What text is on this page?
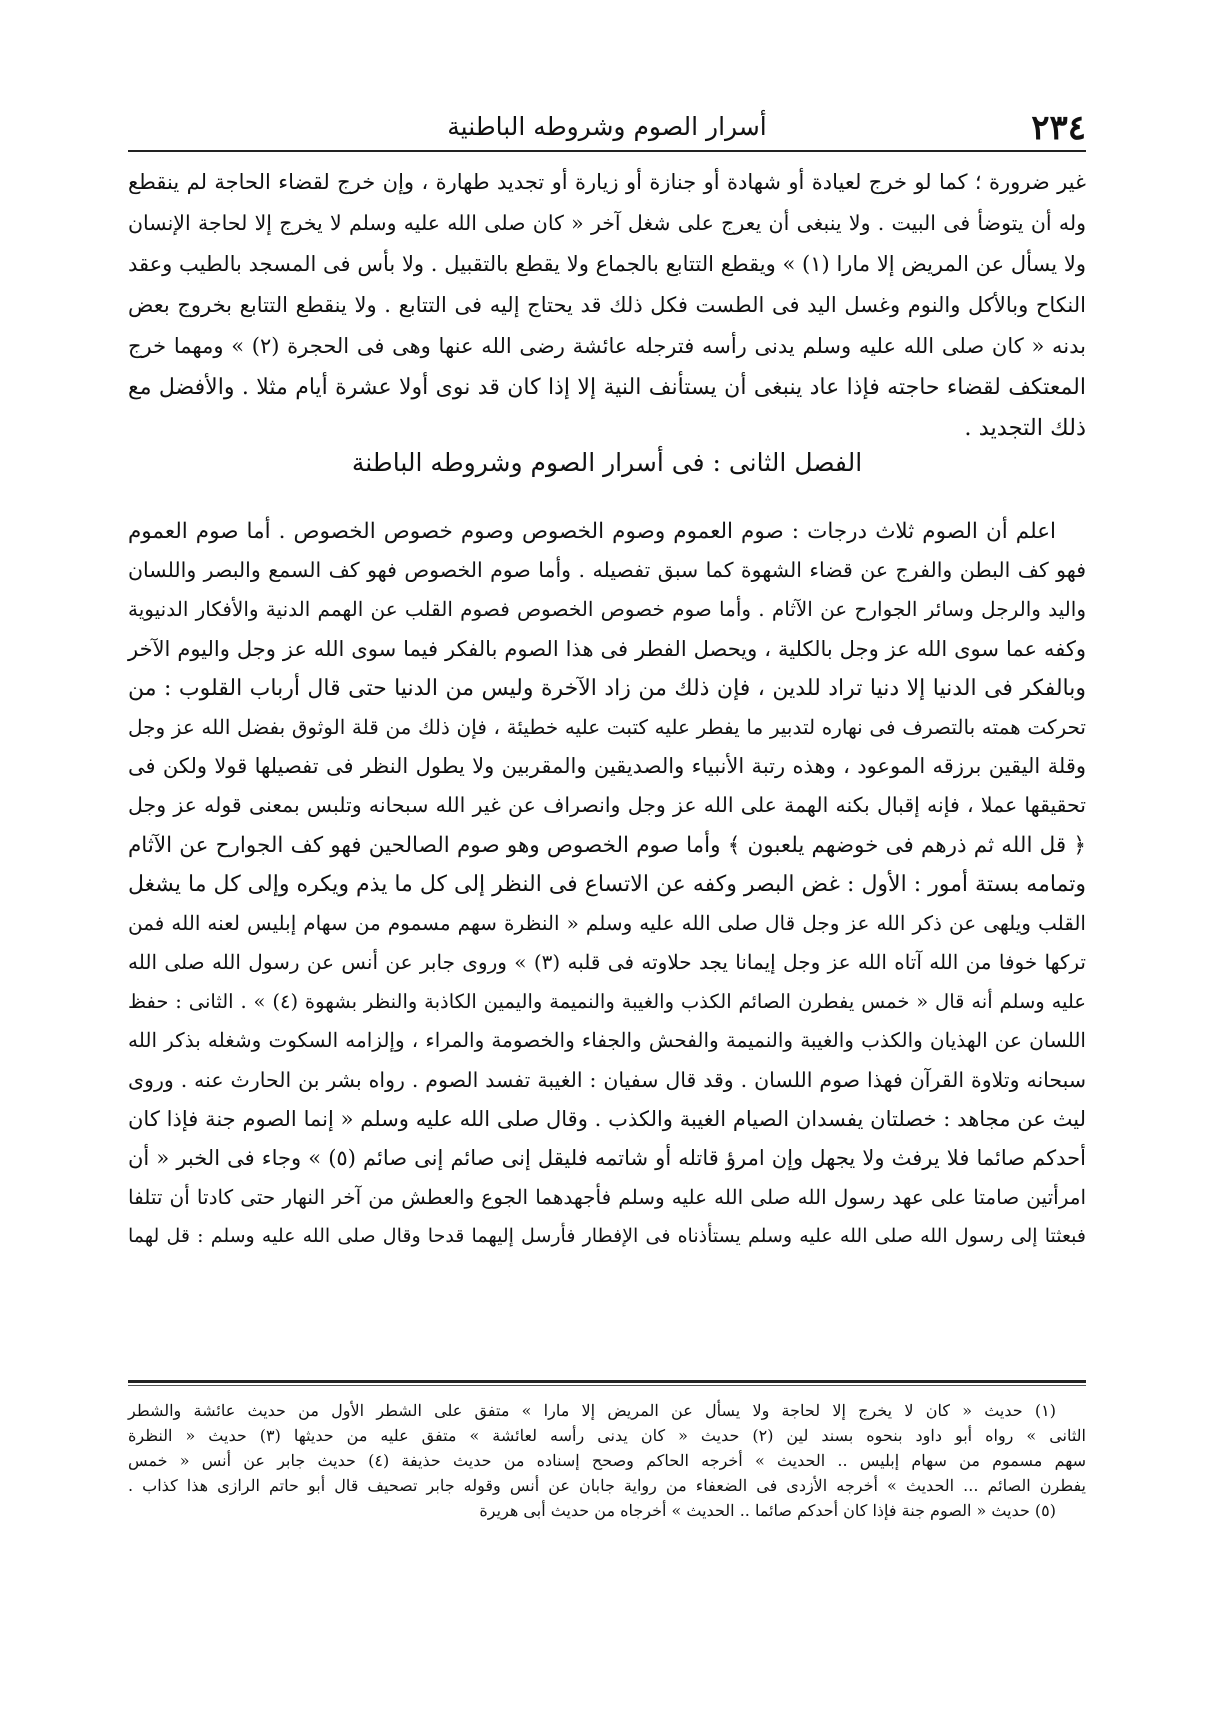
٢٣٤
أسرار الصوم وشروطه الباطنية
غير ضرورة ؛ كما لو خرج لعيادة أو شهادة أو جنازة أو زيارة أو تجديد طهارة ، وإن خرج لقضاء الحاجة لم ينقطع
وله أن يتوضأ فى البيت . ولا ينبغى أن يعرج على شغل آخر « كان صلى الله عليه وسلم لا يخرج إلا لحاجة الإنسان
ولا يسأل عن المريض إلا مارا (١) » ويقطع التتابع بالجماع ولا يقطع بالتقبيل . ولا بأس فى المسجد بالطيب وعقد
النكاح وبالأكل والنوم وغسل اليد فى الطست فكل ذلك قد يحتاج إليه فى التتابع . ولا ينقطع التتابع بخروج بعض
بدنه « كان صلى الله عليه وسلم يدنى رأسه فترجله عائشة رضى الله عنها وهى فى الحجرة (٢) » ومهما خرج
المعتكف لقضاء حاجته فإذا عاد ينبغى أن يستأنف النية إلا إذا كان قد نوى أولا عشرة أيام مثلا . والأفضل مع
ذلك التجديد .
الفصل الثانى : فى أسرار الصوم وشروطه الباطنة
اعلم أن الصوم ثلاث درجات : صوم العموم وصوم الخصوص وصوم خصوص الخصوص . أما صوم العموم
فهو كف البطن والفرج عن قضاء الشهوة كما سبق تفصيله . وأما صوم الخصوص فهو كف السمع والبصر واللسان
واليد والرجل وسائر الجوارح عن الآثام . وأما صوم خصوص الخصوص فصوم القلب عن الهمم الدنية والأفكار الدنيوية
وكفه عما سوى الله عز وجل بالكلية ، ويحصل الفطر فى هذا الصوم بالفكر فيما سوى الله عز وجل واليوم الآخر
وبالفكر فى الدنيا إلا دنيا تراد للدين ، فإن ذلك من زاد الآخرة وليس من الدنيا حتى قال أرباب القلوب : من
تحركت همته بالتصرف فى نهاره لتدبير ما يفطر عليه كتبت عليه خطيئة ، فإن ذلك من قلة الوثوق بفضل الله عز وجل
وقلة اليقين برزقه الموعود ، وهذه رتبة الأنبياء والصديقين والمقربين ولا يطول النظر فى تفصيلها قولا ولكن فى
تحقيقها عملا ، فإنه إقبال بكنه الهمة على الله عز وجل وانصراف عن غير الله سبحانه وتلبس بمعنى قوله عز وجل
﴿ قل الله ثم ذرهم فى خوضهم يلعبون ﴾ وأما صوم الخصوص وهو صوم الصالحين فهو كف الجوارح عن الآثام
وتمامه بستة أمور : الأول : غض البصر وكفه عن الاتساع فى النظر إلى كل ما يذم ويكره وإلى كل ما يشغل
القلب ويلهى عن ذكر الله عز وجل قال صلى الله عليه وسلم « النظرة سهم مسموم من سهام إبليس لعنه الله فمن
تركها خوفا من الله آتاه الله عز وجل إيمانا يجد حلاوته فى قلبه (٣) » وروى جابر عن أنس عن رسول الله صلى الله
عليه وسلم أنه قال « خمس يفطرن الصائم الكذب والغيبة والنميمة واليمين الكاذبة والنظر بشهوة (٤) » . الثانى : حفظ
اللسان عن الهذيان والكذب والغيبة والنميمة والفحش والجفاء والخصومة والمراء ، وإلزامه السكوت وشغله بذكر الله
سبحانه وتلاوة القرآن فهذا صوم اللسان . وقد قال سفيان : الغيبة تفسد الصوم . رواه بشر بن الحارث عنه . وروى
ليث عن مجاهد : خصلتان يفسدان الصيام الغيبة والكذب . وقال صلى الله عليه وسلم « إنما الصوم جنة فإذا كان
أحدكم صائما فلا يرفث ولا يجهل وإن امرؤ قاتله أو شاتمه فليقل إنى صائم إنى صائم (٥) » وجاء فى الخبر « أن
امرأتين صامتا على عهد رسول الله صلى الله عليه وسلم فأجهدهما الجوع والعطش من آخر النهار حتى كادتا أن تتلفا
فبعثتا إلى رسول الله صلى الله عليه وسلم يستأذناه فى الإفطار فأرسل إليهما قدحا وقال صلى الله عليه وسلم : قل لهما
(١) حديث « كان لا يخرج إلا لحاجة ولا يسأل عن المريض إلا مارا » متفق على الشطر الأول من حديث عائشة والشطر
الثانى » رواه أبو داود بنحوه بسند لين (٢) حديث « كان يدنى رأسه لعائشة » متفق عليه من حديثها (٣) حديث « النظرة
سهم مسموم من سهام إبليس .. الحديث » أخرجه الحاكم وصحح إسناده من حديث حذيفة (٤) حديث جابر عن أنس « خمس
يفطرن الصائم ... الحديث » أخرجه الأزدى فى الضعفاء من رواية جابان عن أنس وقوله جابر تصحيف قال أبو حاتم الرازى هذا كذاب .
(٥) حديث « الصوم جنة فإذا كان أحدكم صائما .. الحديث » أخرجاه من حديث أبى هريرة
